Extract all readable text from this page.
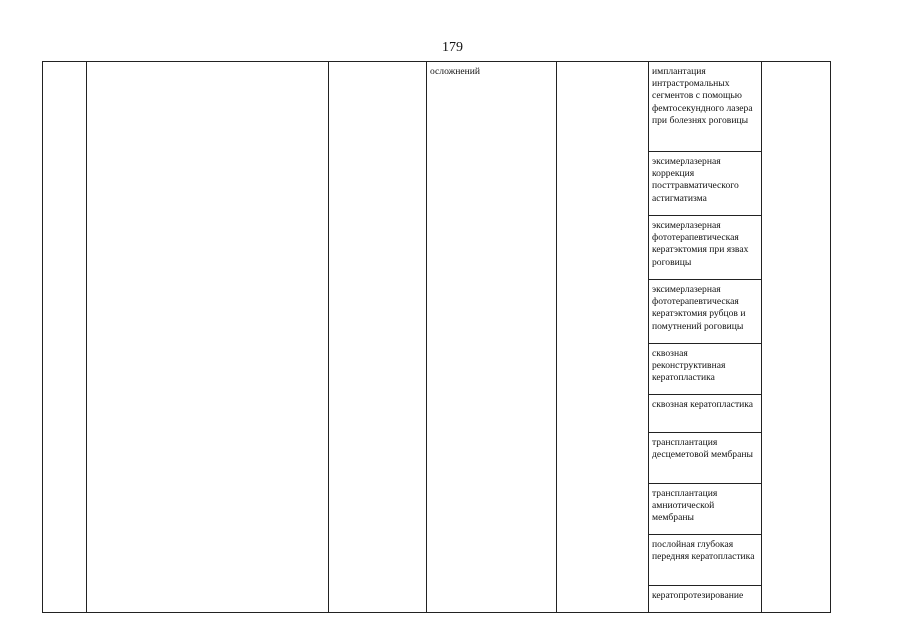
179

осложнений		имплантация интрастромальных сегментов с помощью фемтосекундного лазера при болезнях роговицы
эксимерлазерная коррекция посттравматического астигматизма
эксимерлазерная фототерапевтическая кератэктомия при язвах роговицы
эксимерлазерная фототерапевтическая кератэктомия рубцов и помутнений роговицы
сквозная реконструктивная кератопластика
сквозная кератопластика
трансплантация десцеметовой мембраны
трансплантация амниотической мембраны
послойная глубокая передняя кератопластика
кератопротезирование
